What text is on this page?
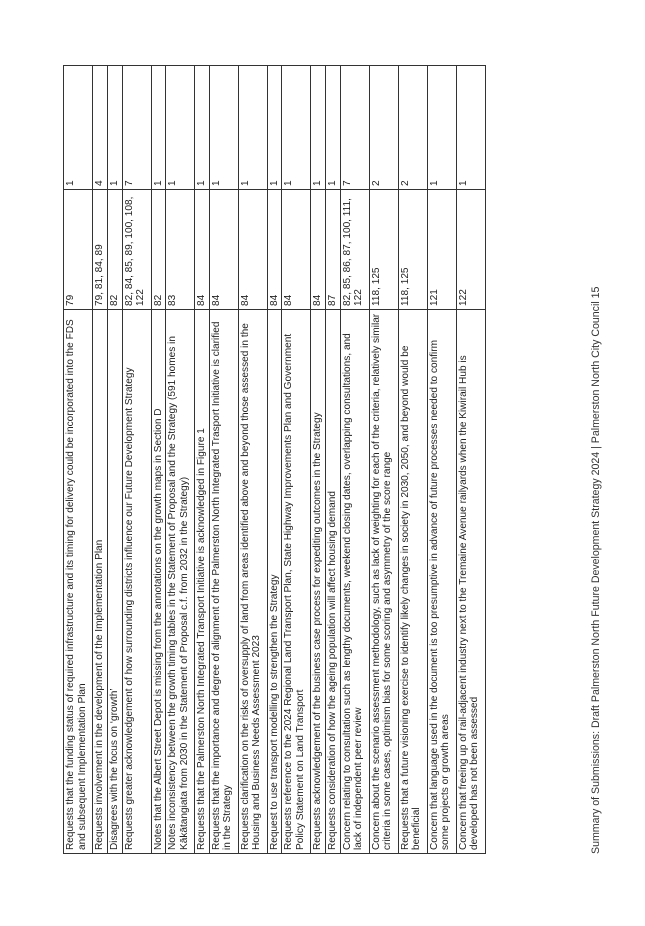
Requests that the funding status of required infrastructure and its timing for delivery could be incorporated into the FDS and subsequent Implementation Plan	79	1
Requests involvement in the development of the Implementation Plan	79, 81, 84, 89	4
Disagrees with the focus on ‘growth’	82	1
Requests greater acknowledgement of how surrounding districts influence our Future Development Strategy	82, 84, 85, 89, 100, 108, 122	7
Notes that the Albert Street Depot is missing from the annotations on the growth maps in Section D	82	1
Notes inconsistency between the growth timing tables in the Statement of Proposal and the Strategy (591 homes in Kākātangiata from 2030 in the Statement of Proposal c.f. from 2032 in the Strategy)	83	1
Requests that the Palmerston North Integrated Transport Initiative is acknowledged in Figure 1	84	1
Requests that the importance and degree of alignment of the Palmerston North Integrated Trasport Initiative is clarified in the Strategy	84	1
Requests clarification on the risks of oversupply of land from areas identified above and beyond those assessed in the Housing and Business Needs Assessment 2023	84	1
Request to use transport modelling to strengthen the Strategy	84	1
Requests reference to the 2024 Regional Land Transport Plan, State Highway Improvements Plan and Government Policy Statement on Land Transport	84	1
Requests acknowledgement of the business case process for expediting outcomes in the Strategy	84	1
Requests consideration of how the ageing population will affect housing demand	87	1
Concern relating to consultation such as lengthy documents, weekend closing dates, overlapping consultations, and lack of independent peer review	82, 85, 86, 87, 100, 111, 122	7
Concern about the scenario assessment methodology, such as lack of weighting for each of the criteria, relatively similar criteria in some cases, optimism bias for some scoring and asymmetry of the score range	118, 125	2
Requests that a future visioning exercise to identify likely changes in society in 2030, 2050, and beyond would be beneficial	118, 125	2
Concern that language used in the document is too presumptive in advance of future processes needed to confirm some projects or growth areas	121	1
Concern that freeing up of rail-adjacent industry next to the Tremaine Avenue railyards when the Kiwirail Hub is developed has not been assessed	122	1
Summary of Submissions: Draft Palmerston North Future Development Strategy 2024 | Palmerston North City Council 15
